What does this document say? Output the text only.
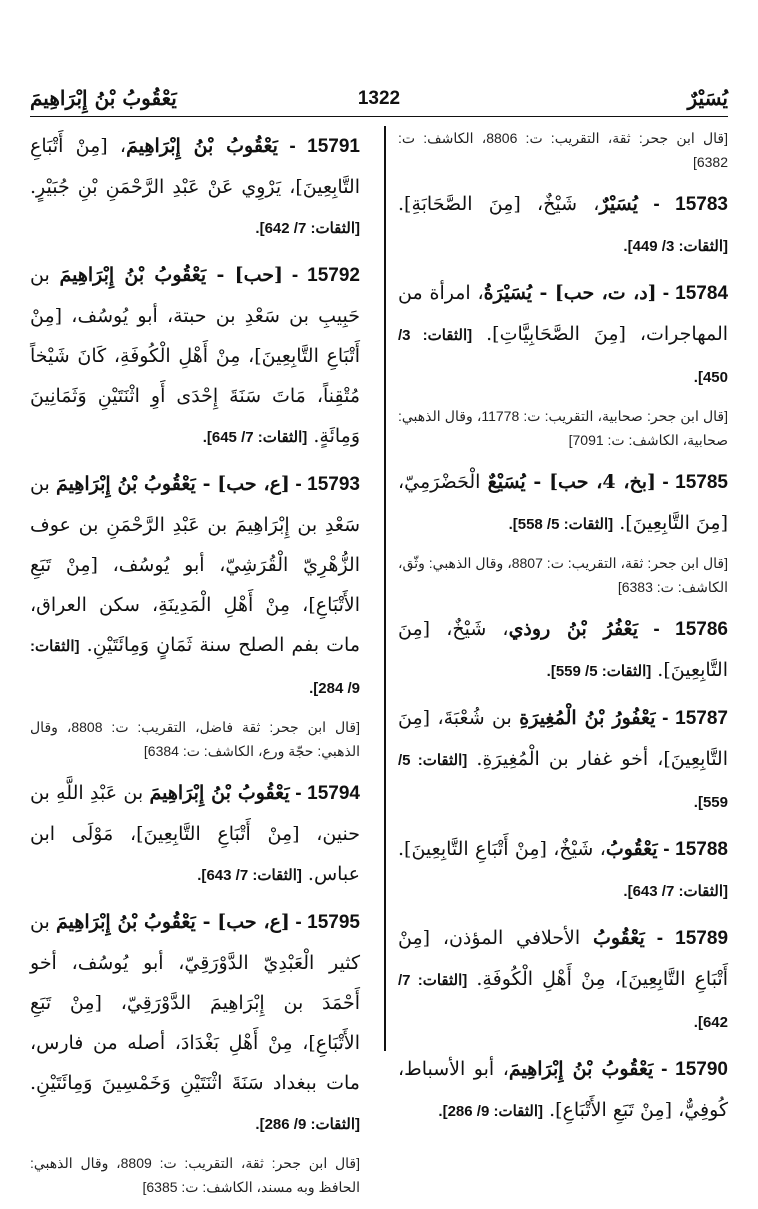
يُسَيْرٌ
1322
يَعْقُوبُ بْنُ إِبْرَاهِيمَ
[قال ابن جحر: ثقة، التقريب: ت: 8806، الكاشف: ت: 6382]
15783 - يُسَيْرٌ، شَيْخٌ، [مِنَ الصَّحَابَةِ]. [الثقات: 3/ 449].
15784 - [د، ت، حب] - يُسَيْرَةُ، امرأة من المهاجرات، [مِنَ الصَّحَابِيَّاتِ]. [الثقات: 3/ 450].
[قال ابن جحر: صحابية، التقريب: ت: 11778، وقال الذهبي: صحابية، الكاشف: ت: 7091]
15785 - [بخ، 4، حب] - يُسَيْعٌ الْحَضْرَمِيّ، [مِنَ التَّابِعِينَ]. [الثقات: 5/ 558].
[قال ابن جحر: ثقة، التقريب: ت: 8807، وقال الذهبي: وثّق، الكاشف: ت: 6383]
15786 - يَعْفُرُ بْنُ روذي، شَيْخٌ، [مِنَ التَّابِعِينَ]. [الثقات: 5/ 559].
15787 - يَعْفُورُ بْنُ الْمُغِيرَةِ بن شُعْبَةَ، [مِنَ التَّابِعِينَ]، أخو غفار بن الْمُغِيرَةِ. [الثقات: 5/ 559].
15788 - يَعْقُوبُ، شَيْخٌ، [مِنْ أَتْبَاعِ التَّابِعِينَ]. [الثقات: 7/ 643].
15789 - يَعْقُوبُ الأحلافي المؤذن، [مِنْ أَتْبَاعِ التَّابِعِينَ]، مِنْ أَهْلِ الْكُوفَةِ. [الثقات: 7/ 642].
15790 - يَعْقُوبُ بْنُ إِبْرَاهِيمَ، أبو الأسباط، كُوفِيٌّ، [مِنْ تَبَعِ الأَتْبَاعِ]. [الثقات: 9/ 286].
15791 - يَعْقُوبُ بْنُ إِبْرَاهِيمَ، [مِنْ أَتْبَاعِ التَّابِعِينَ]، يَرْوِي عَنْ عَبْدِ الرَّحْمَنِ بْنِ جُبَيْرٍ. [الثقات: 7/ 642].
15792 - [حب] - يَعْقُوبُ بْنُ إِبْرَاهِيمَ بن حَبِيبِ بن سَعْدِ بن حبتة، أبو يُوسُف، [مِنْ أَتْبَاعِ التَّابِعِينَ]، مِنْ أَهْلِ الْكُوفَةِ، كَانَ شَيْخاً مُتْقِناً، مَاتَ سَنَةَ إِحْدَى أَوِ اثْنَتَيْنِ وَثَمَانِينَ وَمِائَةٍ. [الثقات: 7/ 645].
15793 - [ع، حب] - يَعْقُوبُ بْنُ إِبْرَاهِيمَ بن سَعْدِ بن إِبْرَاهِيمَ بن عَبْدِ الرَّحْمَنِ بن عوف الزُّهْرِيّ الْقُرَشِيّ، أبو يُوسُف، [مِنْ تَبَعِ الأَتْبَاعِ]، مِنْ أَهْلِ الْمَدِينَةِ، سكن العراق، مات بفم الصلح سنة ثَمَانٍ وَمِائَتَيْنِ. [الثقات: 9/ 284].
[قال ابن جحر: ثقة فاضل، التقريب: ت: 8808، وقال الذهبي: حجّة ورع، الكاشف: ت: 6384]
15794 - يَعْقُوبُ بْنُ إِبْرَاهِيمَ بن عَبْدِ اللَّهِ بن حنين، [مِنْ أَتْبَاعِ التَّابِعِينَ]، مَوْلَى ابن عباس. [الثقات: 7/ 643].
15795 - [ع، حب] - يَعْقُوبُ بْنُ إِبْرَاهِيمَ بن كثير الْعَبْدِيّ الدَّوْرَقِيّ، أبو يُوسُف، أخو أَحْمَدَ بن إِبْرَاهِيمَ الدَّوْرَقِيّ، [مِنْ تَبَعِ الأَتْبَاعِ]، مِنْ أَهْلِ بَغْدَادَ، أصله من فارس، مات ببغداد سَنَةَ اثْنَتَيْنِ وَخَمْسِينَ وَمِائَتَيْنِ. [الثقات: 9/ 286].
[قال ابن جحر: ثقة، التقريب: ت: 8809، وقال الذهبي: الحافظ وبه مسند، الكاشف: ت: 6385]
